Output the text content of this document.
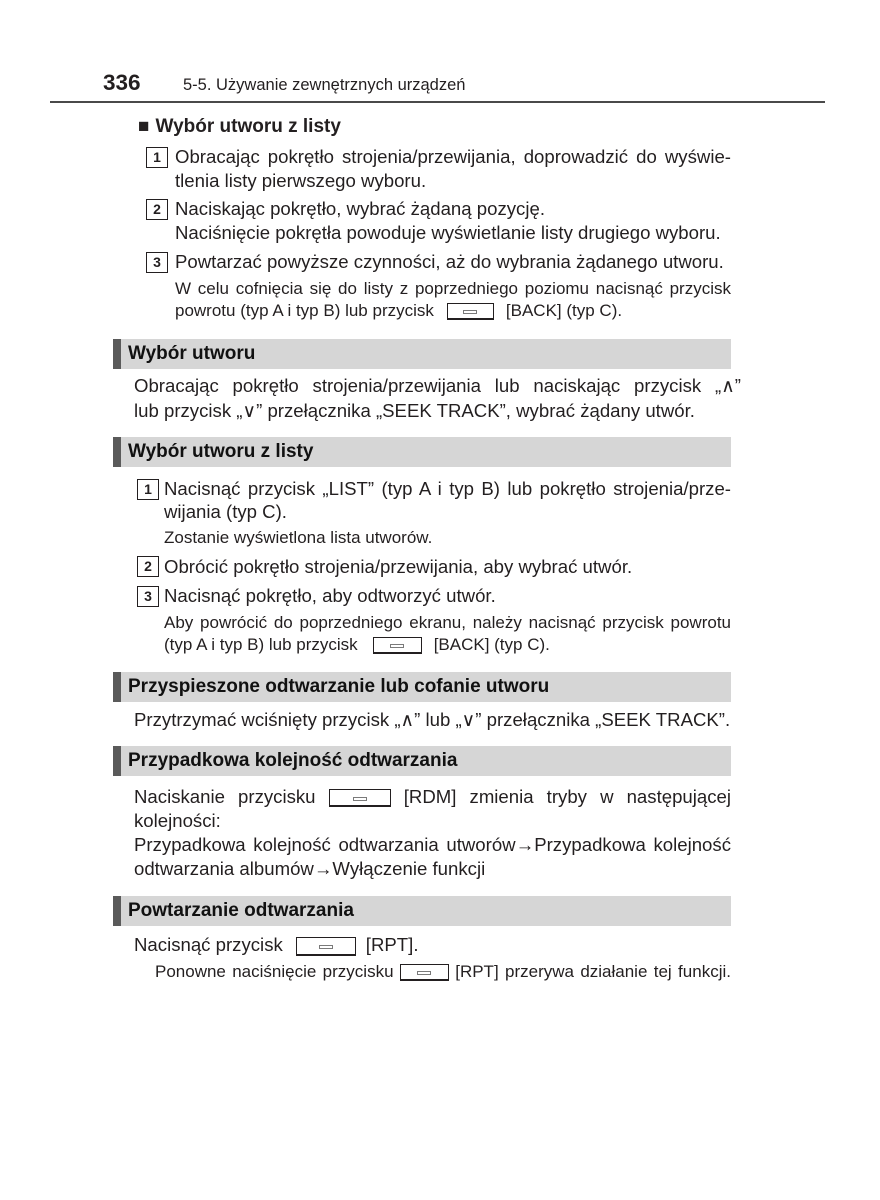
336	5-5. Używanie zewnętrznych urządzeń
■ Wybór utworu z listy
1 Obracając pokrętło strojenia/przewijania, doprowadzić do wyświe-
tlenia listy pierwszego wyboru.
2 Naciskając pokrętło, wybrać żądaną pozycję.
Naciśnięcie pokrętła powoduje wyświetlanie listy drugiego wyboru.
3 Powtarzać powyższe czynności, aż do wybrania żądanego utworu.
W celu cofnięcia się do listy z poprzedniego poziomu nacisnąć przycisk
powrotu (typ A i typ B) lub przycisk	[BACK] (typ C).
Wybór utworu
Obracając pokrętło strojenia/przewijania lub naciskając przycisk „∧”
lub przycisk „∨” przełącznika „SEEK TRACK”, wybrać żądany utwór.
Wybór utworu z listy
1 Nacisnąć przycisk „LIST” (typ A i typ B) lub pokrętło strojenia/prze-
wijania (typ C).
Zostanie wyświetlona lista utworów.
2 Obrócić pokrętło strojenia/przewijania, aby wybrać utwór.
3 Nacisnąć pokrętło, aby odtworzyć utwór.
Aby powrócić do poprzedniego ekranu, należy nacisnąć przycisk powrotu
(typ A i typ B) lub przycisk	[BACK] (typ C).
Przyspieszone odtwarzanie lub cofanie utworu
Przytrzymać wciśnięty przycisk „∧” lub „∨” przełącznika „SEEK TRACK”.
Przypadkowa kolejność odtwarzania
Naciskanie przycisku	[RDM] zmienia tryby w następującej
kolejności:
Przypadkowa kolejność odtwarzania utworów→Przypadkowa kolejność
odtwarzania albumów→Wyłączenie funkcji
Powtarzanie odtwarzania
Nacisnąć przycisk	[RPT].
Ponowne naciśnięcie przycisku	[RPT] przerywa działanie tej funkcji.
